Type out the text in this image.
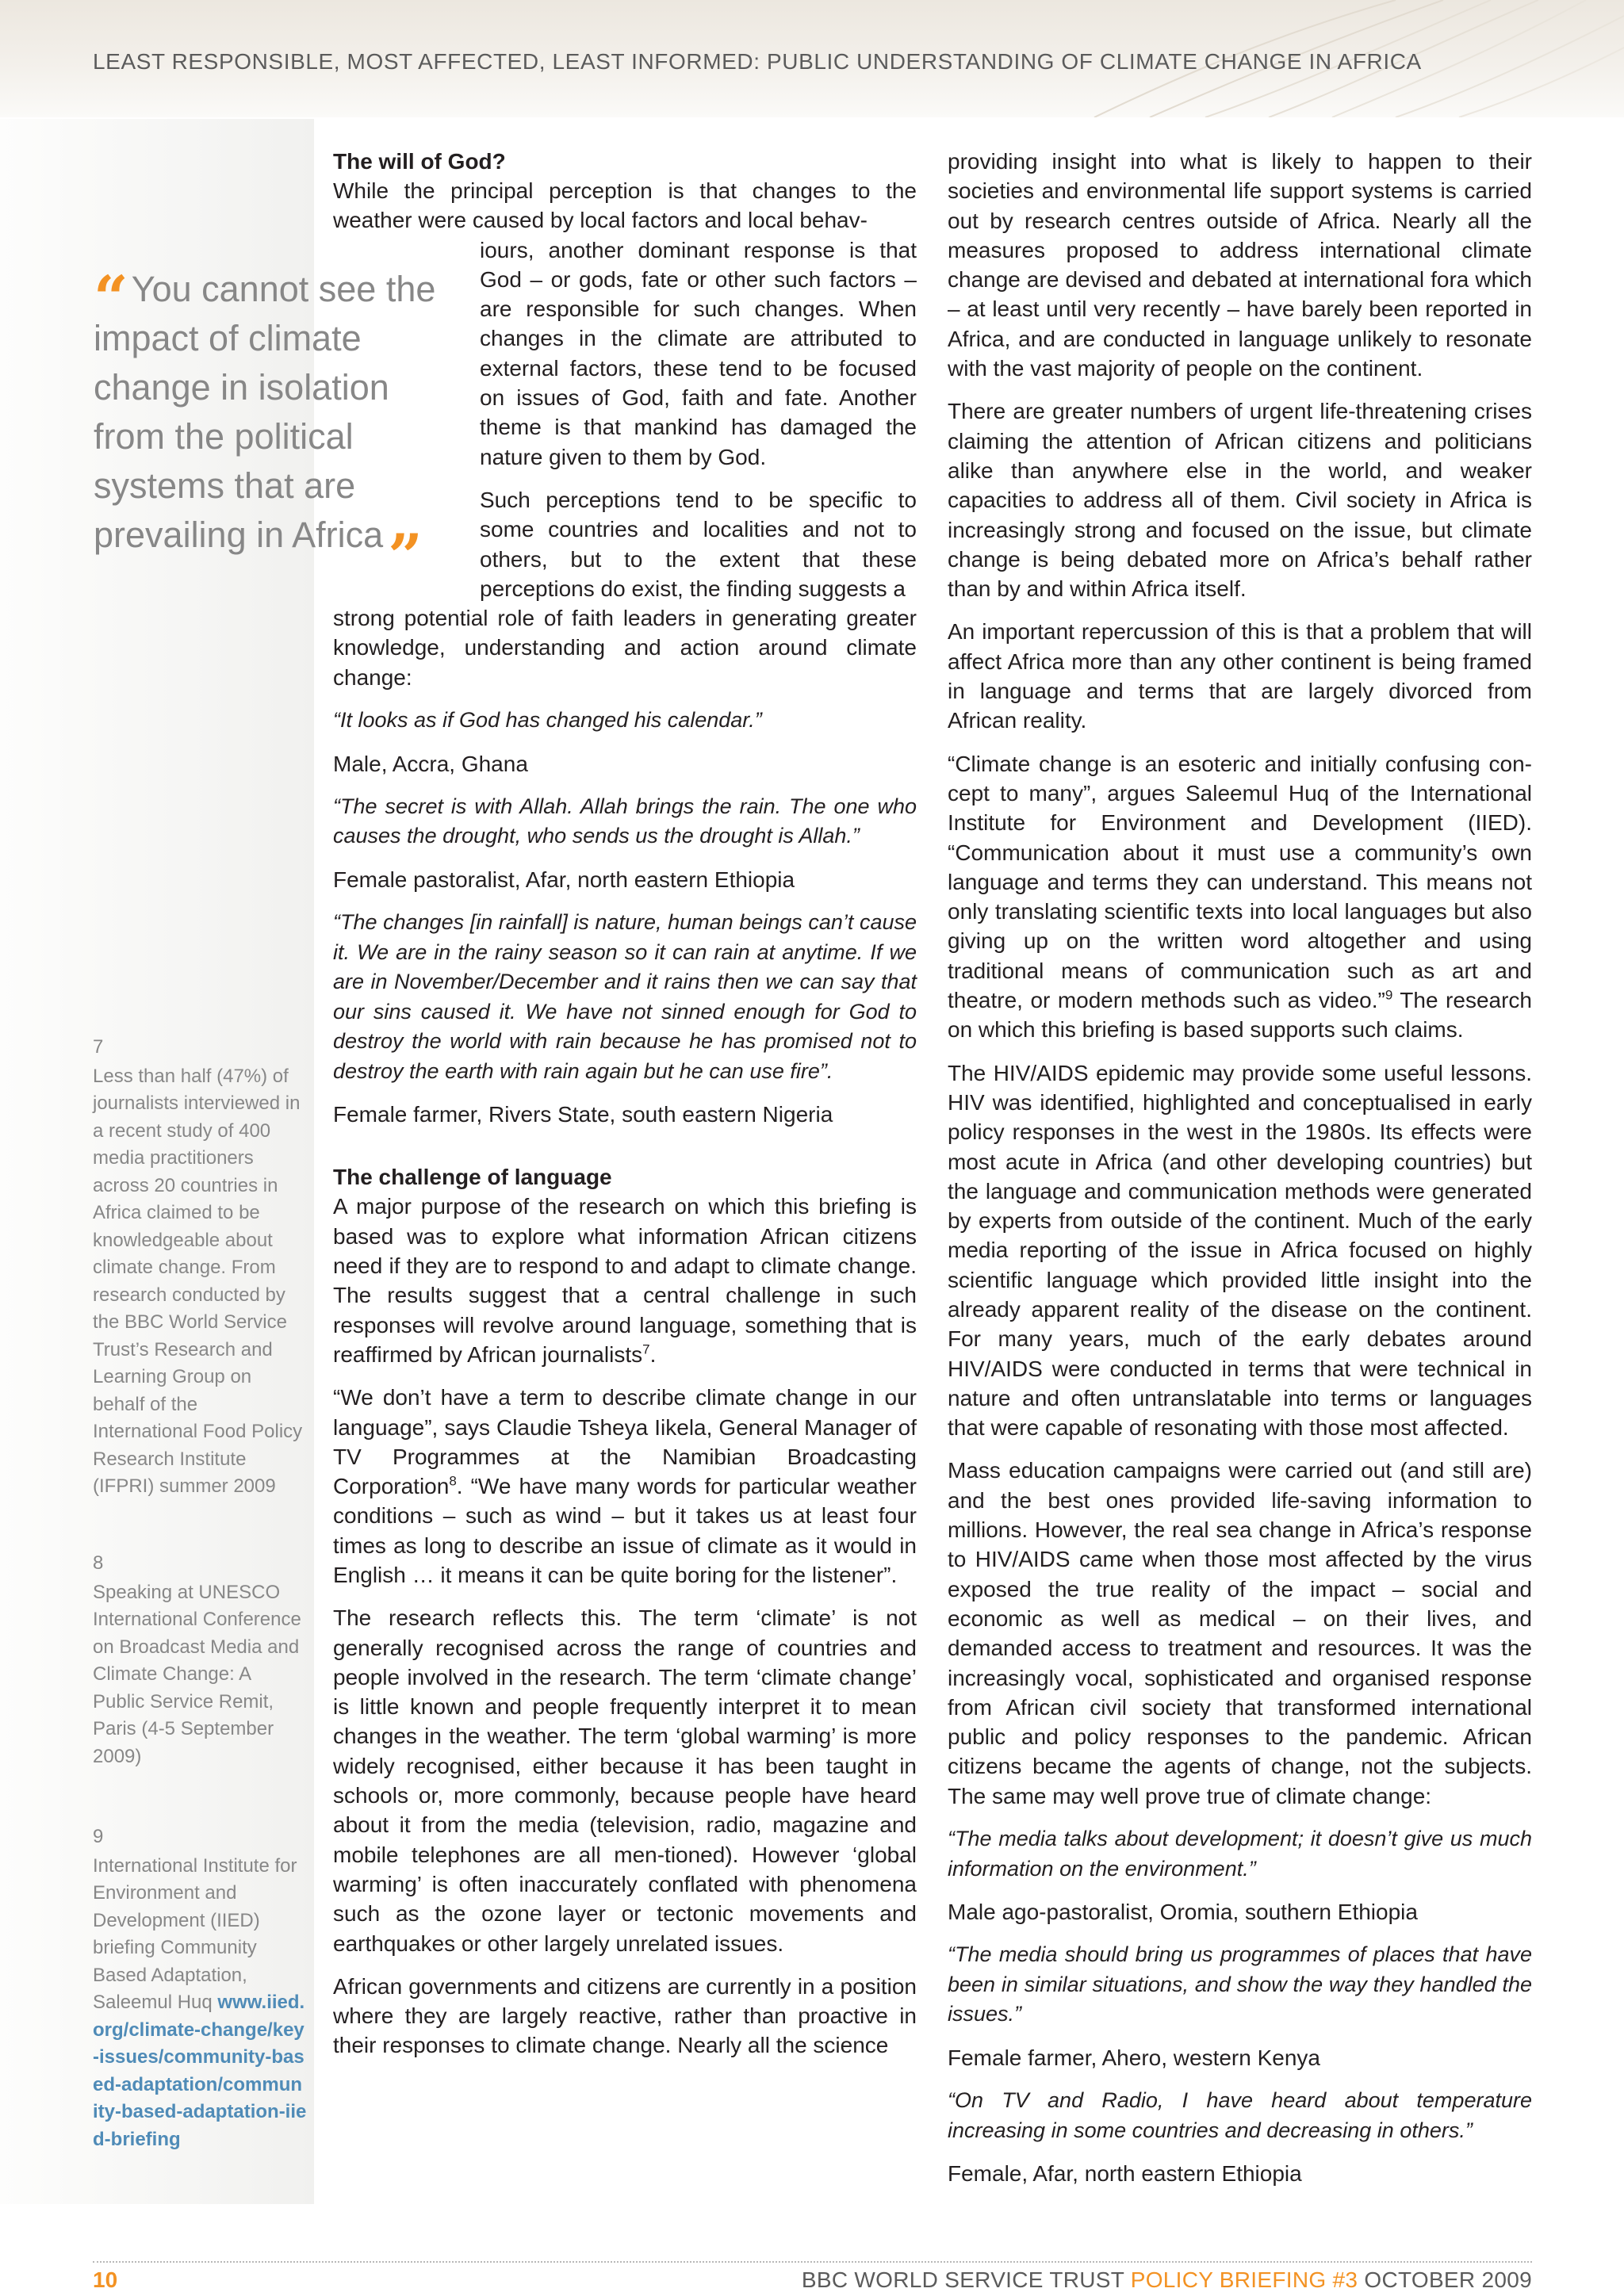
LEAST RESPONSIBLE, MOST AFFECTED, LEAST INFORMED: PUBLIC UNDERSTANDING OF CLIMATE CHANGE IN AFRICA
“You cannot see the impact of climate change in isolation from the political systems that are prevailing in Africa”
7
Less than half (47%) of journalists interviewed in a recent study of 400 media practitioners across 20 countries in Africa claimed to be knowledgeable about climate change. From research conducted by the BBC World Service Trust’s Research and Learning Group on behalf of the International Food Policy Research Institute (IFPRI) summer 2009
8
Speaking at UNESCO International Conference on Broadcast Media and Climate Change: A Public Service Remit, Paris (4-5 September 2009)
9
International Institute for Environment and Development (IIED) briefing Community Based Adaptation, Saleemul Huq www.iied.org/climate-change/key-issues/community-based-adaptation/community-based-adaptation-iied-briefing
The will of God?

While the principal perception is that changes to the weather were caused by local factors and local behav-

iours, another dominant response is that God – or gods, fate or other such factors – are responsible for such changes. When changes in the climate are attributed to external factors, these tend to be focused on issues of God, faith and fate. Another theme is that mankind has damaged the nature given to them by God.

Such perceptions tend to be specific to some countries and localities and not to others, but to the extent that these perceptions do exist, the finding suggests a

strong potential role of faith leaders in generating greater knowledge, understanding and action around climate change:

“It looks as if God has changed his calendar.”

Male, Accra, Ghana

“The secret is with Allah. Allah brings the rain. The one who causes the drought, who sends us the drought is Allah.”

Female pastoralist, Afar, north eastern Ethiopia

“The changes [in rainfall] is nature, human beings can’t cause it. We are in the rainy season so it can rain at anytime. If we are in November/December and it rains then we can say that our sins caused it. We have not sinned enough for God to destroy the world with rain because he has promised not to destroy the earth with rain again but he can use fire”.

Female farmer, Rivers State, south eastern Nigeria

The challenge of language

A major purpose of the research on which this briefing is based was to explore what information African citizens need if they are to respond to and adapt to climate change. The results suggest that a central challenge in such responses will revolve around language, something that is reaffirmed by African journalists$^7$.

“We don’t have a term to describe climate change in our language”, says Claudie Tsheya Iikela, General Manager of TV Programmes at the Namibian Broadcasting Corporation$^8$. “We have many words for particular weather conditions – such as wind – but it takes us at least four times as long to describe an issue of climate as it would in English … it means it can be quite boring for the listener”.

The research reflects this. The term ‘climate’ is not generally recognised across the range of countries and people involved in the research. The term ‘climate change’ is little known and people frequently interpret it to mean changes in the weather. The term ‘global warming’ is more widely recognised, either because it has been taught in schools or, more commonly, because people have heard about it from the media (television, radio, magazine and mobile telephones are all men-tioned). However ‘global warming’ is often inaccurately conflated with phenomena such as the ozone layer or tectonic movements and earthquakes or other largely unrelated issues.

African governments and citizens are currently in a position where they are largely reactive, rather than proactive in their responses to climate change. Nearly all the science

providing insight into what is likely to happen to their societies and environmental life support systems is carried out by research centres outside of Africa. Nearly all the measures proposed to address international climate change are devised and debated at international fora which – at least until very recently – have barely been reported in Africa, and are conducted in language unlikely to resonate with the vast majority of people on the continent.

There are greater numbers of urgent life-threatening crises claiming the attention of African citizens and politicians alike than anywhere else in the world, and weaker capacities to address all of them. Civil society in Africa is increasingly strong and focused on the issue, but climate change is being debated more on Africa’s behalf rather than by and within Africa itself.

An important repercussion of this is that a problem that will affect Africa more than any other continent is being framed in language and terms that are largely divorced from African reality.

“Climate change is an esoteric and initially confusing con-cept to many”, argues Saleemul Huq of the International Institute for Environment and Development (IIED). “Communication about it must use a community’s own language and terms they can understand. This means not only translating scientific texts into local languages but also giving up on the written word altogether and using traditional means of communication such as art and theatre, or modern methods such as video.”$^9$ The research on which this briefing is based supports such claims.

The HIV/AIDS epidemic may provide some useful lessons. HIV was identified, highlighted and conceptualised in early policy responses in the west in the 1980s. Its effects were most acute in Africa (and other developing countries) but the language and communication methods were generated by experts from outside of the continent. Much of the early media reporting of the issue in Africa focused on highly scientific language which provided little insight into the already apparent reality of the disease on the continent. For many years, much of the early debates around HIV/AIDS were conducted in terms that were technical in nature and often untranslatable into terms or languages that were capable of resonating with those most affected.

Mass education campaigns were carried out (and still are) and the best ones provided life-saving information to millions. However, the real sea change in Africa’s response to HIV/AIDS came when those most affected by the virus exposed the true reality of the impact – social and economic as well as medical – on their lives, and demanded access to treatment and resources. It was the increasingly vocal, sophisticated and organised response from African civil society that transformed international public and policy responses to the pandemic. African citizens became the agents of change, not the subjects. The same may well prove true of climate change:

“The media talks about development; it doesn’t give us much information on the environment.”

Male ago-pastoralist, Oromia, southern Ethiopia

“The media should bring us programmes of places that have been in similar situations, and show the way they handled the issues.”

Female farmer, Ahero, western Kenya

“On TV and Radio, I have heard about temperature increasing in some countries and decreasing in others.”

Female, Afar, north eastern Ethiopia

10	BBC WORLD SERVICE TRUST POLICY BRIEFING #3 OCTOBER 2009
